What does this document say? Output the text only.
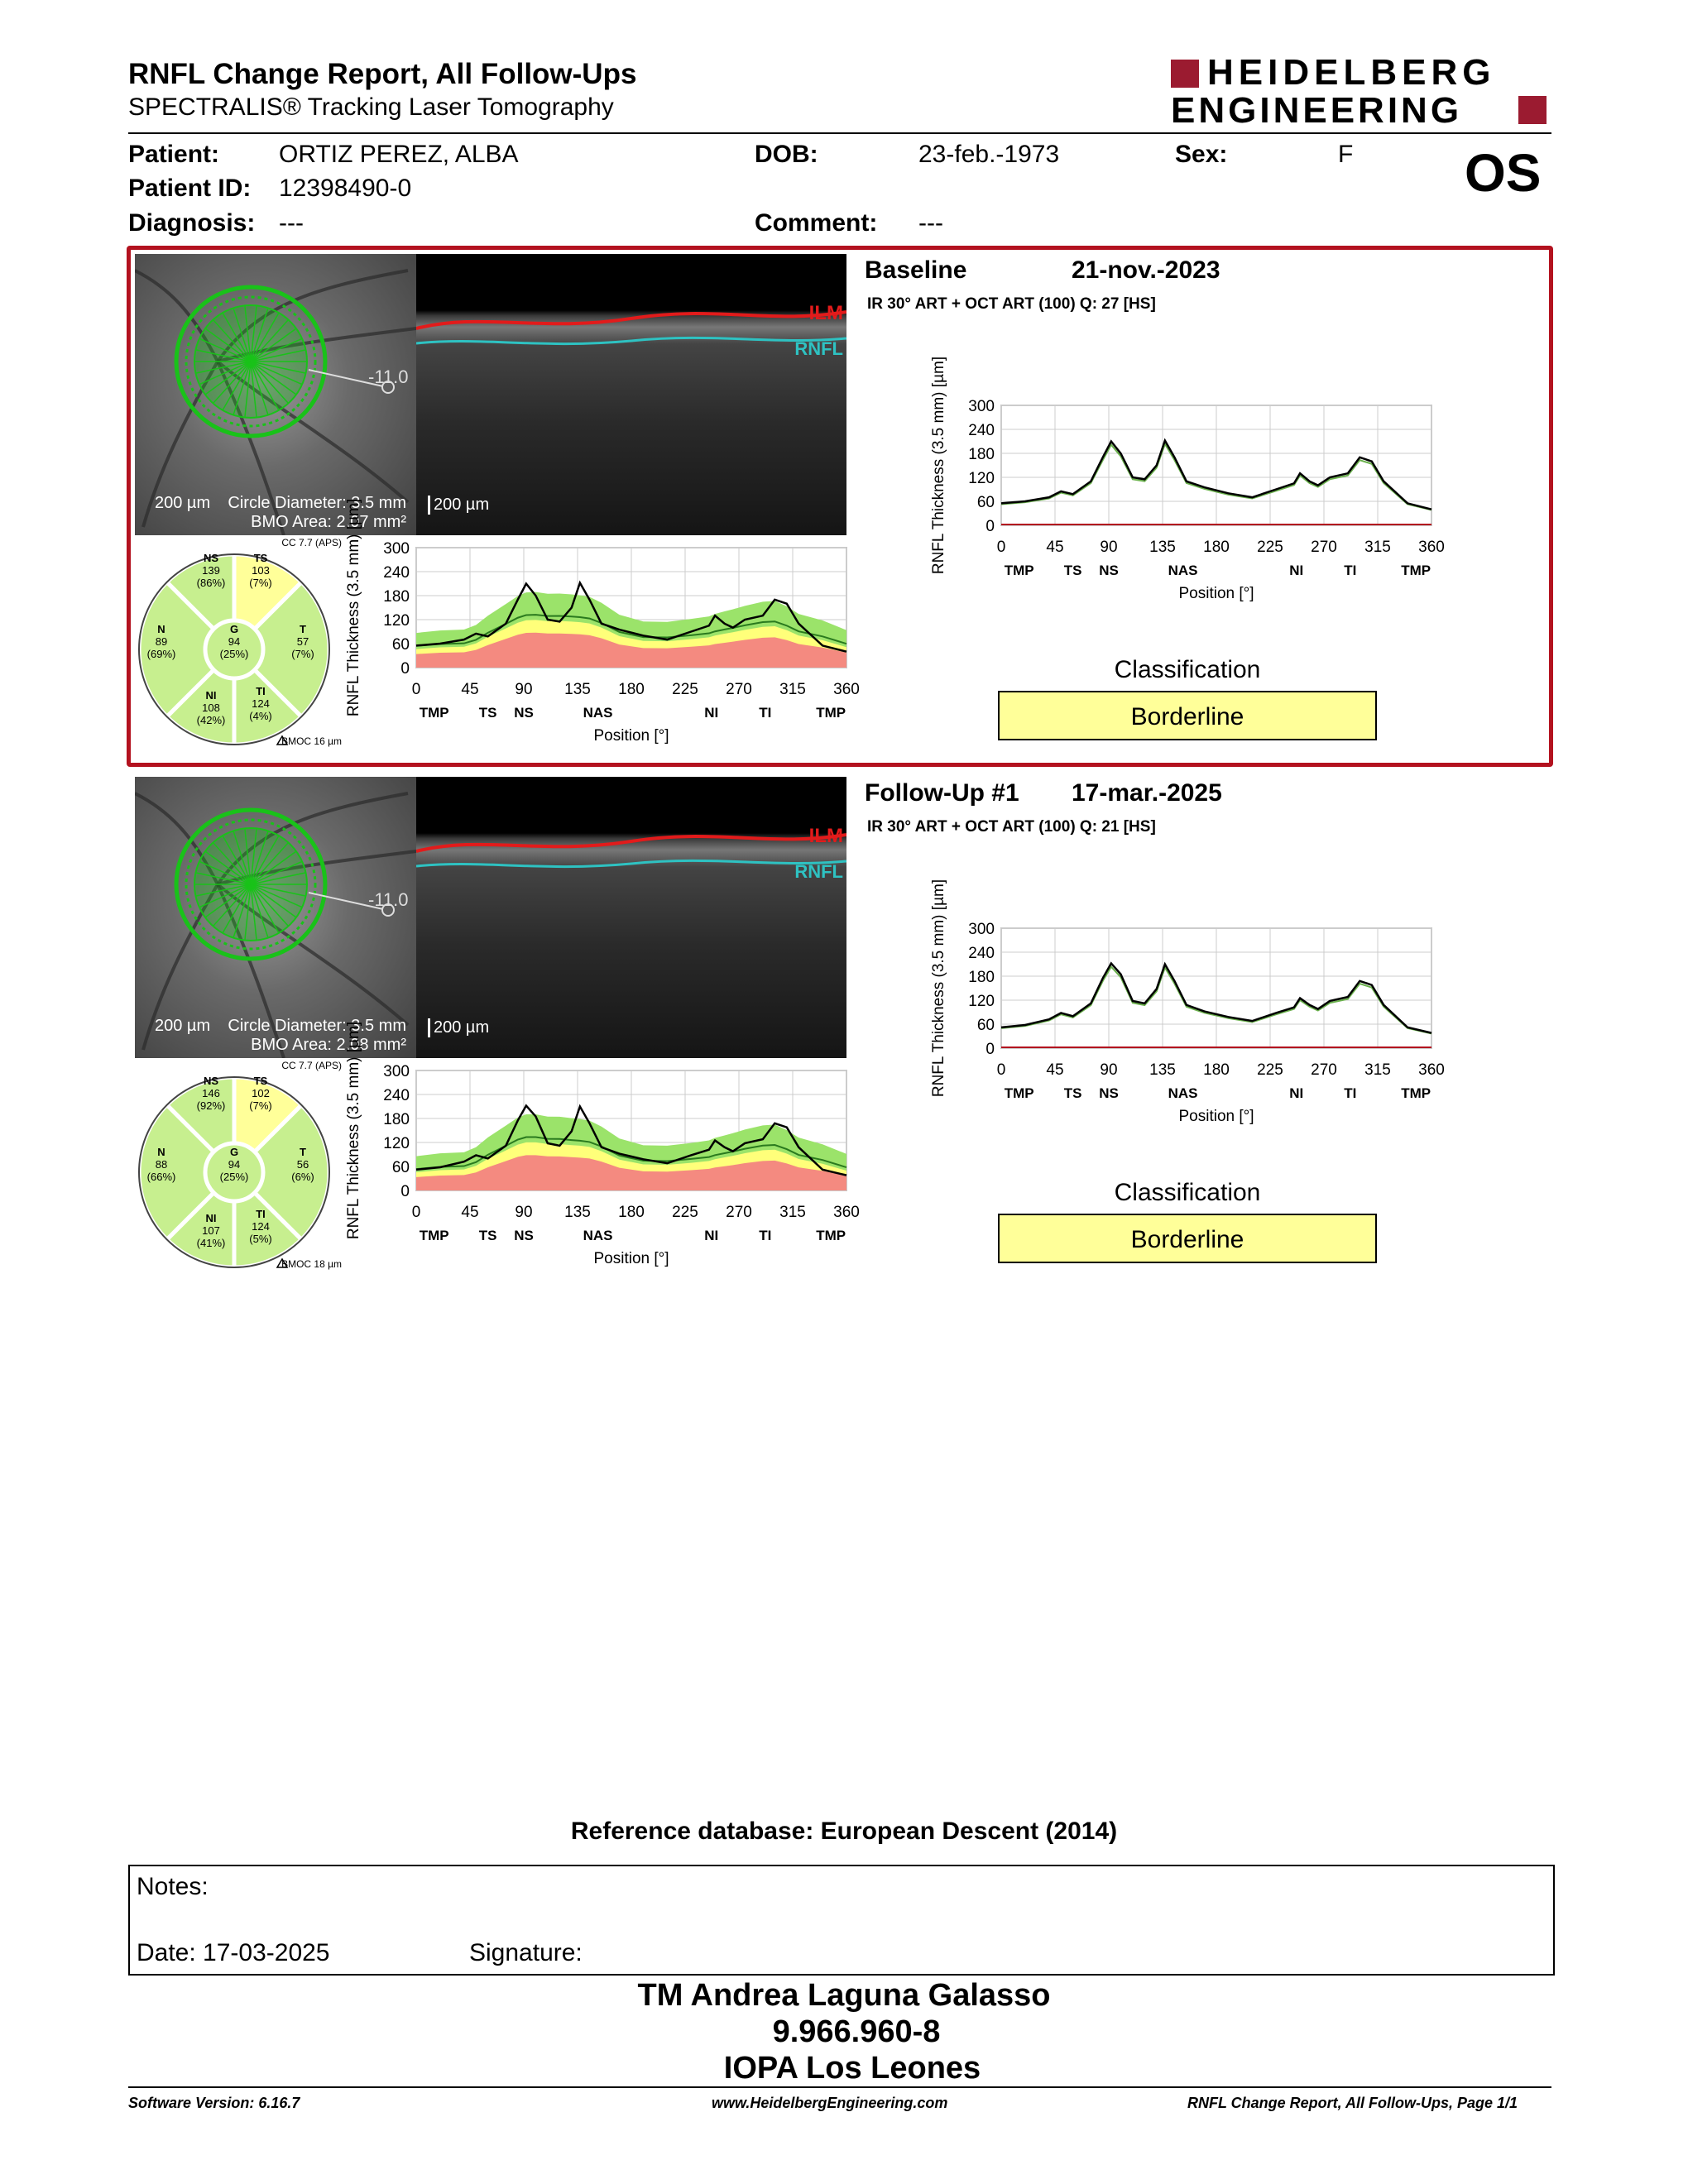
RNFL Change Report, All Follow-Ups
SPECTRALIS® Tracking Laser Tomography
HEIDELBERG
ENGINEERING
Patient: ORTIZ PEREZ, ALBA
Patient ID: 12398490-0
Diagnosis: ---
DOB:	23-feb.-1973	Sex:	F
Comment: ---
OS
-11.0
200 µm Circle Diameter: 3.5 mm
BMO Area: 2.07 mm²
ILM
RNFL
200 µm
NS
139
(86%)
TS
103
(7%)
N
89
(69%)
G
94
(25%)
T
57
(7%)
NI
108
(42%)
TI
124
(4%)
CC 7.7 (APS)
BMOC 16 µm
300
240
180
120
60
0
0	45 90 135 180 225 270 315 360
TMP TS NS	NAS	NI	TI	TMP
Position [°]
RNFL Thickness (3.5 mm) [µm]
300
240
180
120
60
0
0	45 90 135 180 225 270 315 360
TMP TS NS	NAS	NI	TI	TMP
Position [°]
RNFL Thickness (3.5 mm) [µm]
Baseline	21-nov.-2023
IR 30° ART + OCT ART (100) Q: 27 [HS]
Classification
Borderline
-11.0
200 µm Circle Diameter: 3.5 mm
BMO Area: 2.08 mm²
ILM
RNFL
200 µm
NS
146
(92%)
TS
102
(7%)
N
88
(66%)
G
94
(25%)
T
56
(6%)
NI
107
(41%)
TI
124
(5%)
CC 7.7 (APS)
BMOC 18 µm
300
240
180
120
60
0
0	45 90 135 180 225 270 315 360
TMP TS NS	NAS	NI	TI	TMP
Position [°]
RNFL Thickness (3.5 mm) [µm]
300
240
180
120
60
0
0	45 90 135 180 225 270 315 360
TMP TS NS	NAS	NI	TI	TMP
Position [°]
RNFL Thickness (3.5 mm) [µm]
Follow-Up #1 17-mar.-2025
IR 30° ART + OCT ART (100) Q: 21 [HS]
Classification
Borderline
Reference database: European Descent (2014)
Notes:
Date: 17-03-2025	Signature:
TM Andrea Laguna Galasso
9.966.960-8
IOPA Los Leones
Software Version: 6.16.7	www.HeidelbergEngineering.com	RNFL Change Report, All Follow-Ups, Page 1/1
